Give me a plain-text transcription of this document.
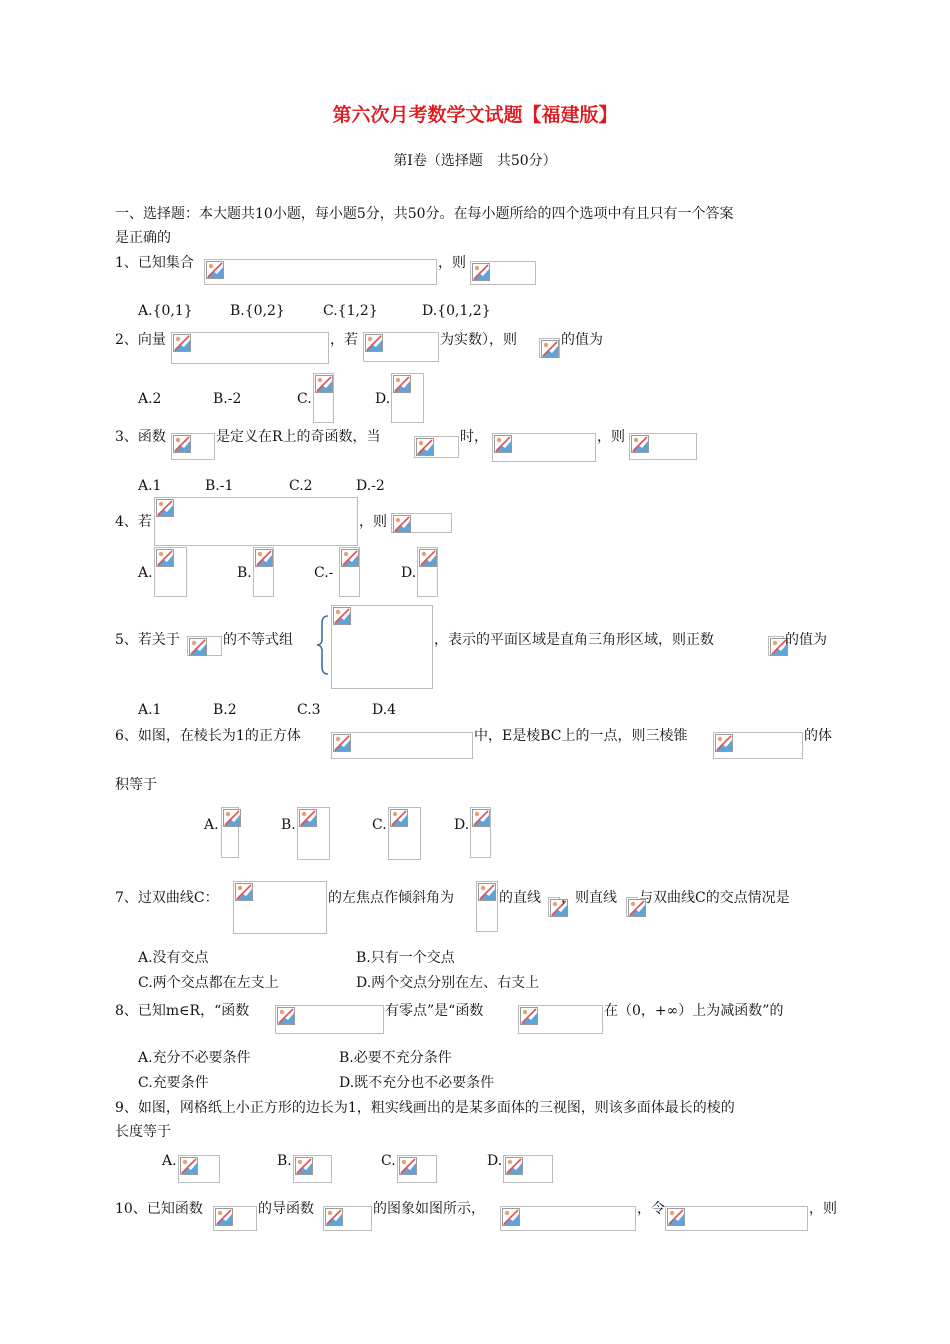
第六次月考数学文试题【福建版】
第Ⅰ卷（选择题　共50分）
一、选择题：本大题共10小题，每小题5分，共50分。在每小题所给的四个选项中有且只有一个答案
是正确的
1、已知集合	，则
A.{0,1}	B.{0,2}	C.{1,2}	D.{0,1,2}
2、向量	，若	为实数），则	的值为
A.2	B.-2	C.	D.
3、函数	是定义在R上的奇函数，当	时，	，则
A.1	B.-1	C.2	D.-2
4、若	，则
A.	B.	C.-	D.
5、若关于	的不等式组	，表示的平面区域是直角三角形区域，则正数	的值为
A.1	B.2	C.3	D.4
6、如图，在棱长为1的正方体	中，E是棱BC上的一点，则三棱锥	的体
积等于
A.	B.	C.	D.
7、过双曲线C：	的左焦点作倾斜角为	的直线 ，则直线 与双曲线C的交点情况是
A.没有交点	B.只有一个交点
C.两个交点都在左支上	D.两个交点分别在左、右支上
8、已知m∈R，“函数	有零点”是“函数	在（0，+∞）上为减函数”的
A.充分不必要条件	B.必要不充分条件
C.充要条件	D.既不充分也不必要条件
9、如图，网格纸上小正方形的边长为1，粗实线画出的是某多面体的三视图，则该多面体最长的棱的
长度等于
A.	B.	C.	D.
10、已知函数	的导函数	的图象如图所示，	，令	，则
